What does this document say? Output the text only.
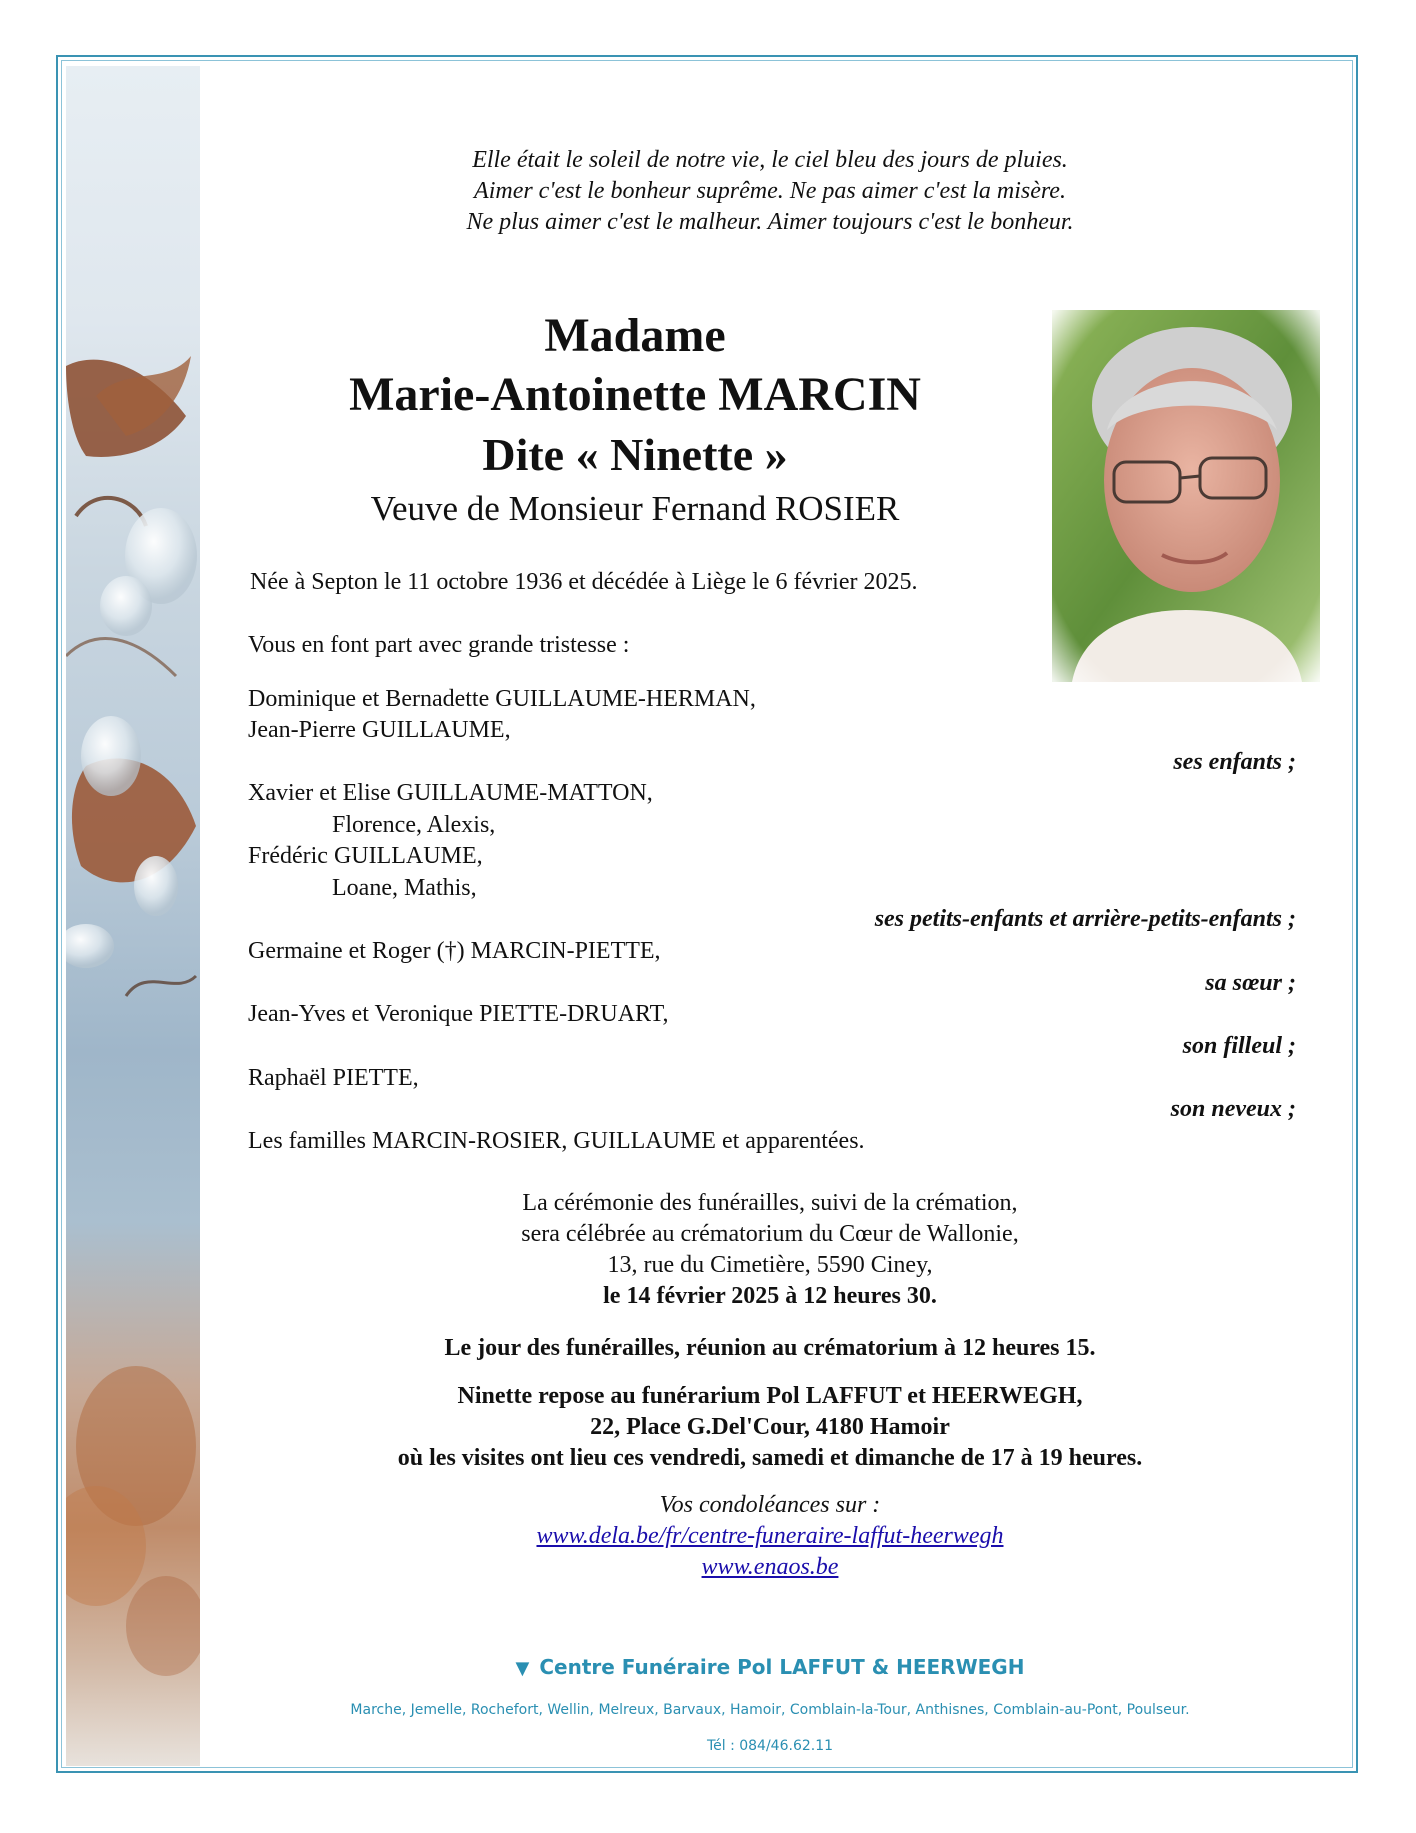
Elle était le soleil de notre vie, le ciel bleu des jours de pluies.
Aimer c'est le bonheur suprême. Ne pas aimer c'est la misère.
Ne plus aimer c'est le malheur. Aimer toujours c'est le bonheur.
Madame
Marie-Antoinette MARCIN
Dite « Ninette »
Veuve de Monsieur Fernand ROSIER
Née à Septon le 11 octobre 1936 et décédée à Liège le 6 février 2025.
Vous en font part avec grande tristesse :
Dominique et Bernadette GUILLAUME-HERMAN,
Jean-Pierre GUILLAUME,
ses enfants ;
Xavier et Elise GUILLAUME-MATTON,
Florence, Alexis,
Frédéric GUILLAUME,
Loane, Mathis,
ses petits-enfants et arrière-petits-enfants ;
Germaine et Roger (†) MARCIN-PIETTE,
sa sœur ;
Jean-Yves et Veronique PIETTE-DRUART,
son filleul ;
Raphaël PIETTE,
son neveux ;
Les familles MARCIN-ROSIER, GUILLAUME et apparentées.
La cérémonie des funérailles, suivi de la crémation,
sera célébrée au crématorium du Cœur de Wallonie,
13, rue du Cimetière, 5590 Ciney,
le 14 février 2025 à 12 heures 30.
Le jour des funérailles, réunion au crématorium à 12 heures 15.
Ninette repose au funérarium Pol LAFFUT et HEERWEGH,
22, Place G.Del'Cour, 4180 Hamoir
où les visites ont lieu ces vendredi, samedi et dimanche de 17 à 19 heures.
Vos condoléances sur :
www.dela.be/fr/centre-funeraire-laffut-heerwegh
www.enaos.be
▼ Centre Funéraire Pol LAFFUT & HEERWEGH
Marche, Jemelle, Rochefort, Wellin, Melreux, Barvaux, Hamoir, Comblain-la-Tour, Anthisnes, Comblain-au-Pont, Poulseur.
Tél : 084/46.62.11
